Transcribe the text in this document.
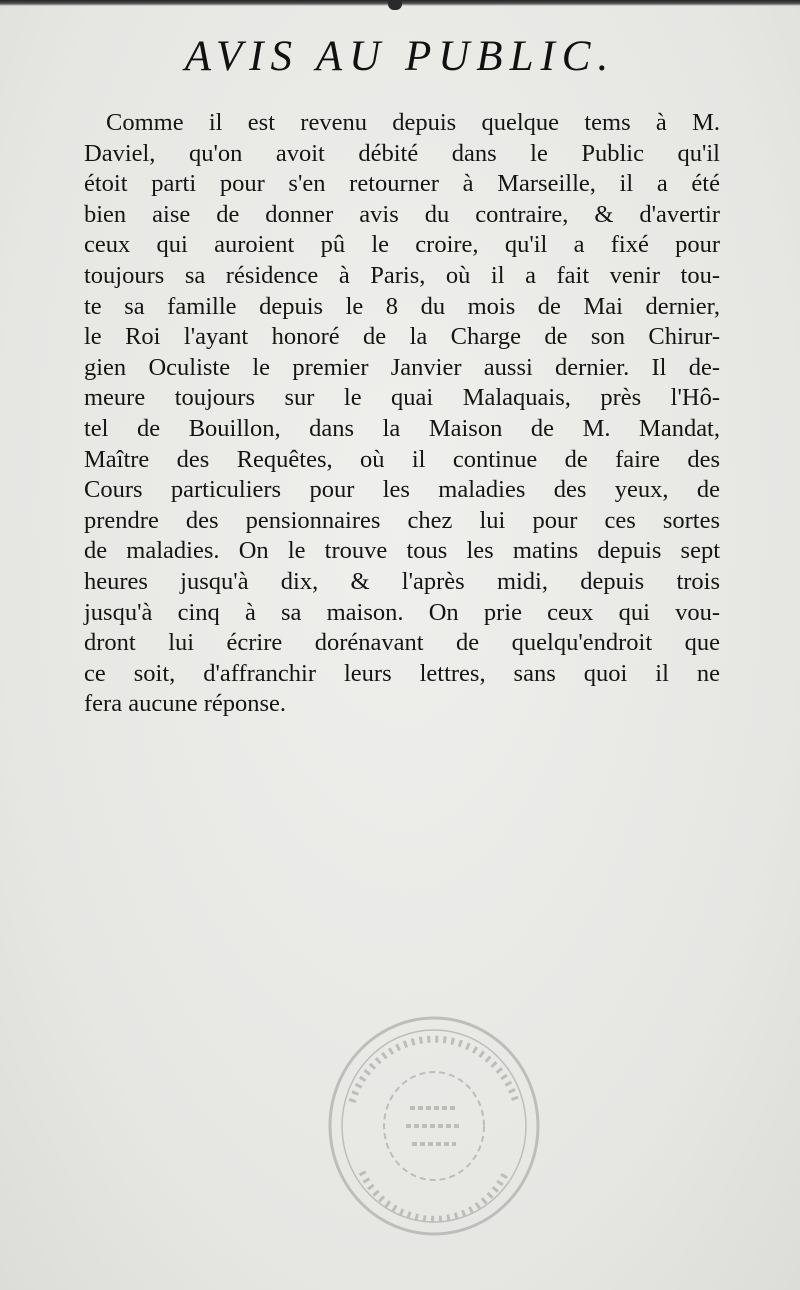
AVIS AU PUBLIC.
Comme il est revenu depuis quelque tems à M.
Daviel, qu'on avoit débité dans le Public qu'il
étoit parti pour s'en retourner à Marseille, il a été
bien aise de donner avis du contraire, & d'avertir
ceux qui auroient pû le croire, qu'il a fixé pour
toujours sa résidence à Paris, où il a fait venir tou-
te sa famille depuis le 8 du mois de Mai dernier,
le Roi l'ayant honoré de la Charge de son Chirur-
gien Oculiste le premier Janvier aussi dernier. Il de-
meure toujours sur le quai Malaquais, près l'Hô-
tel de Bouillon, dans la Maison de M. Mandat,
Maître des Requêtes, où il continue de faire des
Cours particuliers pour les maladies des yeux, de
prendre des pensionnaires chez lui pour ces sortes
de maladies. On le trouve tous les matins depuis sept
heures jusqu'à dix, & l'après midi, depuis trois
jusqu'à cinq à sa maison. On prie ceux qui vou-
dront lui écrire dorénavant de quelqu'endroit que
ce soit, d'affranchir leurs lettres, sans quoi il ne
fera aucune réponse.
